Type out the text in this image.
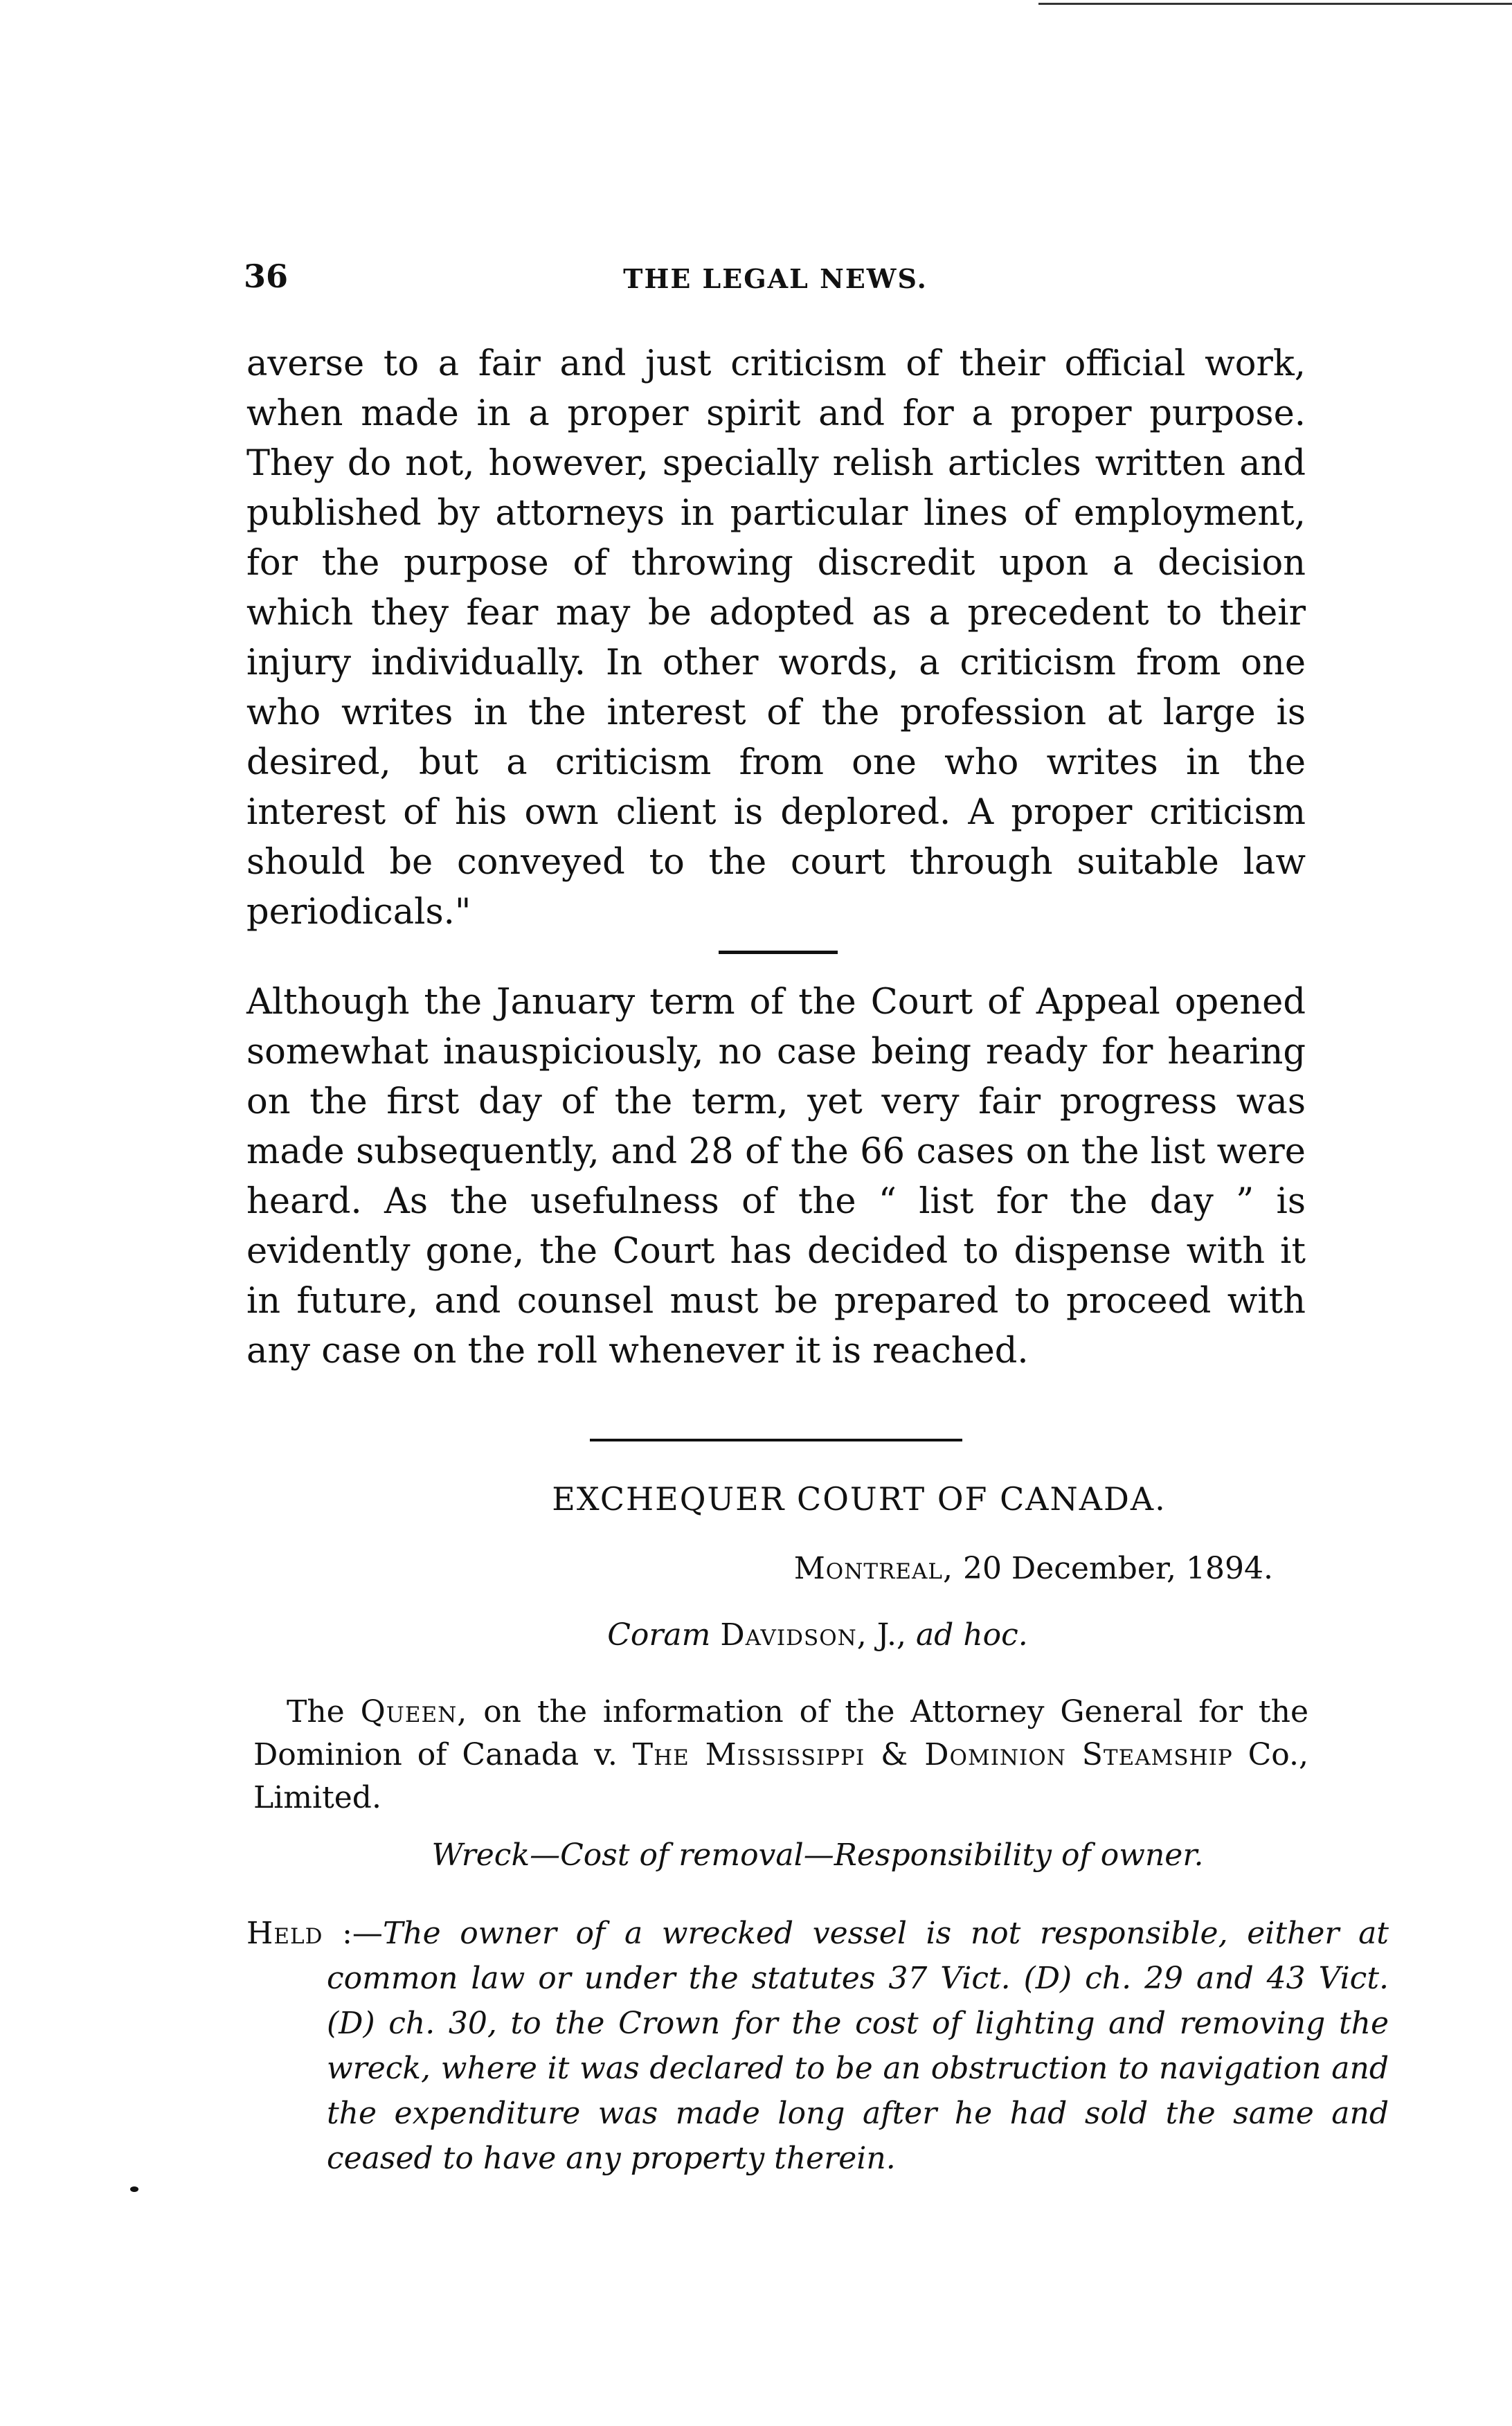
36	THE LEGAL NEWS.

averse to a fair and just criticism of their official work, when made in a proper spirit and for a proper purpose. They do not, however, specially relish articles written and published by attorneys in particular lines of employment, for the purpose of throwing discredit upon a decision which they fear may be adopted as a precedent to their injury individually. In other words, a criticism from one who writes in the interest of the profession at large is desired, but a criticism from one who writes in the interest of his own client is deplored. A proper criticism should be conveyed to the court through suitable law periodicals."

Although the January term of the Court of Appeal opened somewhat inauspiciously, no case being ready for hearing on the first day of the term, yet very fair progress was made subsequently, and 28 of the 66 cases on the list were heard. As the usefulness of the “ list for the day ” is evidently gone, the Court has decided to dispense with it in future, and counsel must be prepared to proceed with any case on the roll whenever it is reached.

EXCHEQUER COURT OF CANADA.
Montreal, 20 December, 1894.
Coram Davidson, J., ad hoc.

The Queen, on the information of the Attorney General for the Dominion of Canada v. The Mississippi & Dominion Steamship Co., Limited.

Wreck—Cost of removal—Responsibility of owner.

Held :—The owner of a wrecked vessel is not responsible, either at common law or under the statutes 37 Vict. (D) ch. 29 and 43 Vict. (D) ch. 30, to the Crown for the cost of lighting and removing the wreck, where it was declared to be an obstruction to navigation and the expenditure was made long after he had sold the same and ceased to have any property therein.
